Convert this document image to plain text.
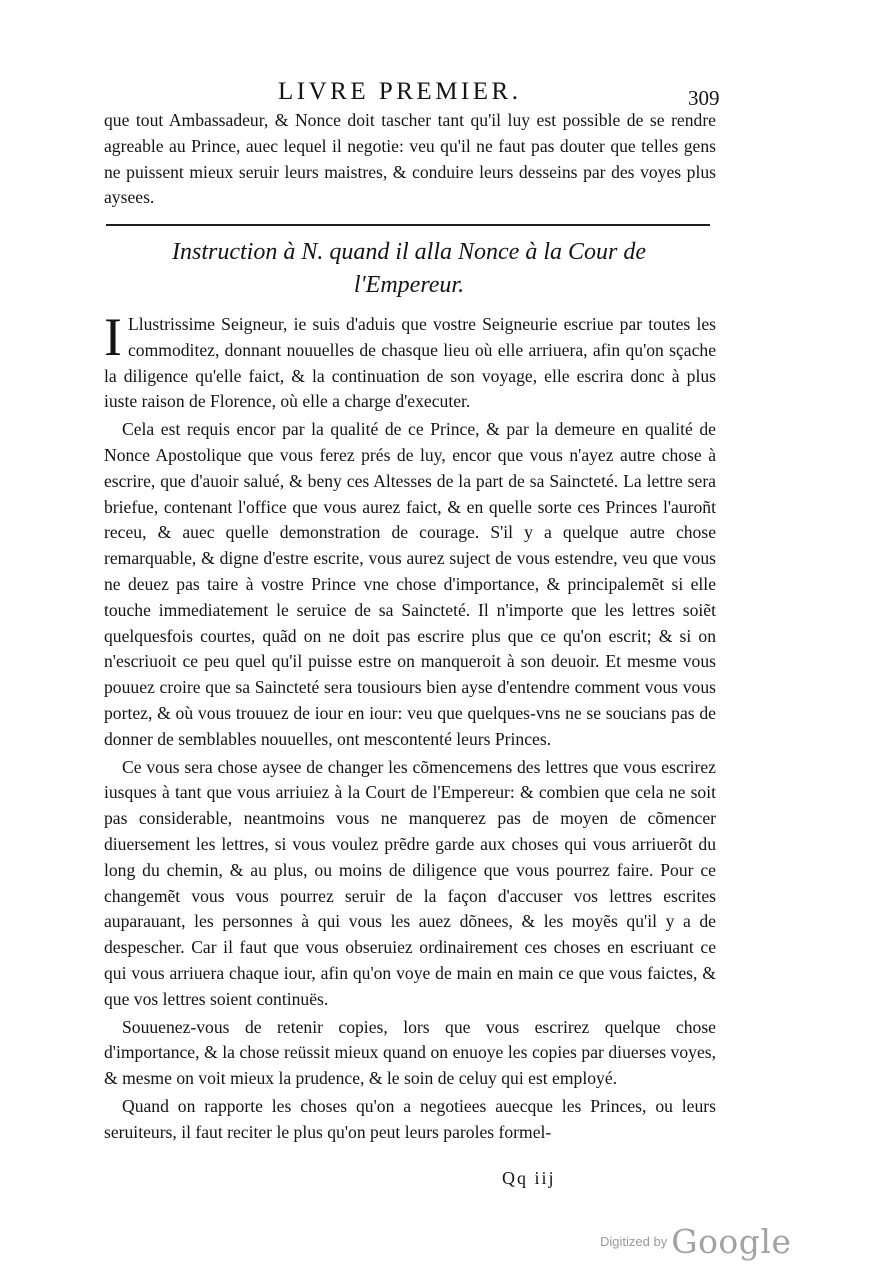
LIVRE PREMIER.	309

que tout Ambassadeur, & Nonce doit tascher tant qu'il luy est possible de se rendre agreable au Prince, auec lequel il negotie: veu qu'il ne faut pas douter que telles gens ne puissent mieux seruir leurs maistres, & conduire leurs desseins par des voyes plus aysees.

Instruction à N. quand il alla Nonce à la Cour de l'Empereur.

I Llustrissime Seigneur, ie suis d'aduis que vostre Seigneurie escriue par toutes les commoditez, donnant nouuelles de chasque lieu où elle arriuera, afin qu'on sçache la diligence qu'elle faict, & la continuation de son voyage, elle escrira donc à plus iuste raison de Florence, où elle a charge d'executer.

Cela est requis encor par la qualité de ce Prince, & par la demeure en qualité de Nonce Apostolique que vous ferez prés de luy, encor que vous n'ayez autre chose à escrire, que d'auoir salué, & beny ces Altesses de la part de sa Saincteté. La lettre sera briefue, contenant l'office que vous aurez faict, & en quelle sorte ces Princes l'auroñt receu, & auec quelle demonstration de courage. S'il y a quelque autre chose remarquable, & digne d'estre escrite, vous aurez suject de vous estendre, veu que vous ne deuez pas taire à vostre Prince vne chose d'importance, & principalemẽt si elle touche immediatement le seruice de sa Saincteté. Il n'importe que les lettres soiẽt quelquesfois courtes, quãd on ne doit pas escrire plus que ce qu'on escrit; & si on n'escriuoit ce peu quel qu'il puisse estre on manqueroit à son deuoir. Et mesme vous pouuez croire que sa Saincteté sera tousiours bien ayse d'entendre comment vous vous portez, & où vous trouuez de iour en iour: veu que quelques-vns ne se soucians pas de donner de semblables nouuelles, ont mescontenté leurs Princes.

Ce vous sera chose aysee de changer les cõmencemens des lettres que vous escrirez iusques à tant que vous arriuiez à la Court de l'Empereur: & combien que cela ne soit pas considerable, neantmoins vous ne manquerez pas de moyen de cõmencer diuersement les lettres, si vous voulez prẽdre garde aux choses qui vous arriuerõt du long du chemin, & au plus, ou moins de diligence que vous pourrez faire. Pour ce changemẽt vous vous pourrez seruir de la façon d'accuser vos lettres escrites auparauant, les personnes à qui vous les auez dõnees, & les moyẽs qu'il y a de despescher. Car il faut que vous obseruiez ordinairement ces choses en escriuant ce qui vous arriuera chaque iour, afin qu'on voye de main en main ce que vous faictes, & que vos lettres soient continuës.

Souuenez-vous de retenir copies, lors que vous escrirez quelque chose d'importance, & la chose reüssit mieux quand on enuoye les copies par diuerses voyes, & mesme on voit mieux la prudence, & le soin de celuy qui est employé.

Quand on rapporte les choses qu'on a negotiees auecque les Princes, ou leurs seruiteurs, il faut reciter le plus qu'on peut leurs paroles formel-

Qq iij
Digitized by Google
